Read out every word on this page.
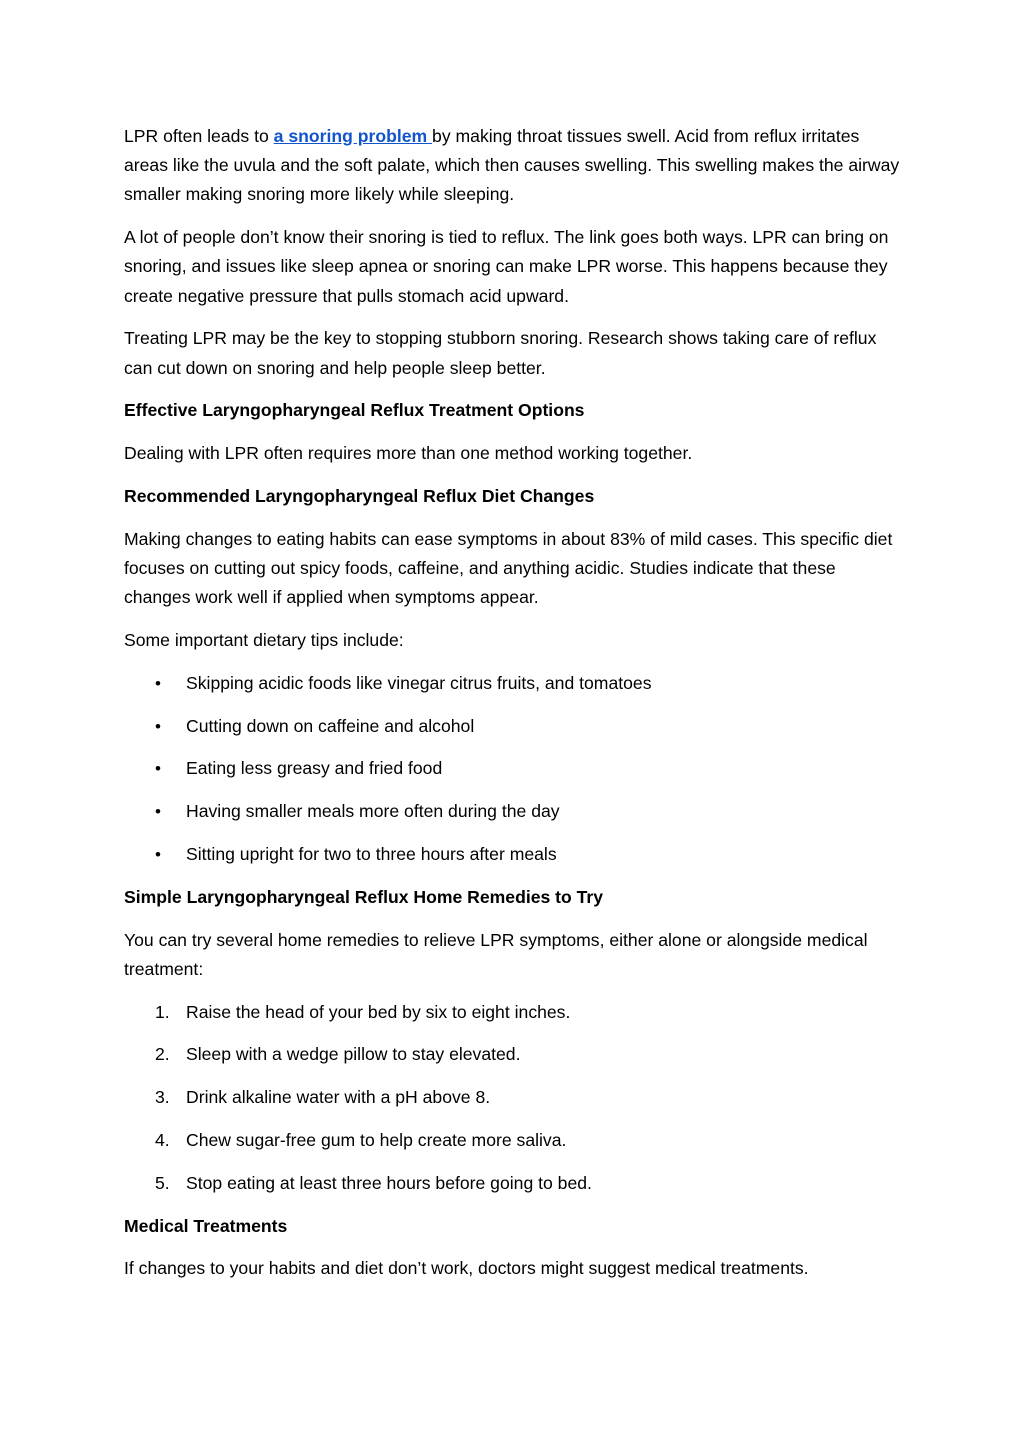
LPR often leads to a snoring problem by making throat tissues swell. Acid from reflux irritates areas like the uvula and the soft palate, which then causes swelling. This swelling makes the airway smaller making snoring more likely while sleeping.

A lot of people don’t know their snoring is tied to reflux. The link goes both ways. LPR can bring on snoring, and issues like sleep apnea or snoring can make LPR worse. This happens because they create negative pressure that pulls stomach acid upward.

Treating LPR may be the key to stopping stubborn snoring. Research shows taking care of reflux can cut down on snoring and help people sleep better.

Effective Laryngopharyngeal Reflux Treatment Options

Dealing with LPR often requires more than one method working together.

Recommended Laryngopharyngeal Reflux Diet Changes

Making changes to eating habits can ease symptoms in about 83% of mild cases. This specific diet focuses on cutting out spicy foods, caffeine, and anything acidic. Studies indicate that these changes work well if applied when symptoms appear.

Some important dietary tips include:

• Skipping acidic foods like vinegar citrus fruits, and tomatoes
• Cutting down on caffeine and alcohol
• Eating less greasy and fried food
• Having smaller meals more often during the day
• Sitting upright for two to three hours after meals

Simple Laryngopharyngeal Reflux Home Remedies to Try

You can try several home remedies to relieve LPR symptoms, either alone or alongside medical treatment:

1. Raise the head of your bed by six to eight inches.
2. Sleep with a wedge pillow to stay elevated.
3. Drink alkaline water with a pH above 8.
4. Chew sugar-free gum to help create more saliva.
5. Stop eating at least three hours before going to bed.

Medical Treatments

If changes to your habits and diet don’t work, doctors might suggest medical treatments.
